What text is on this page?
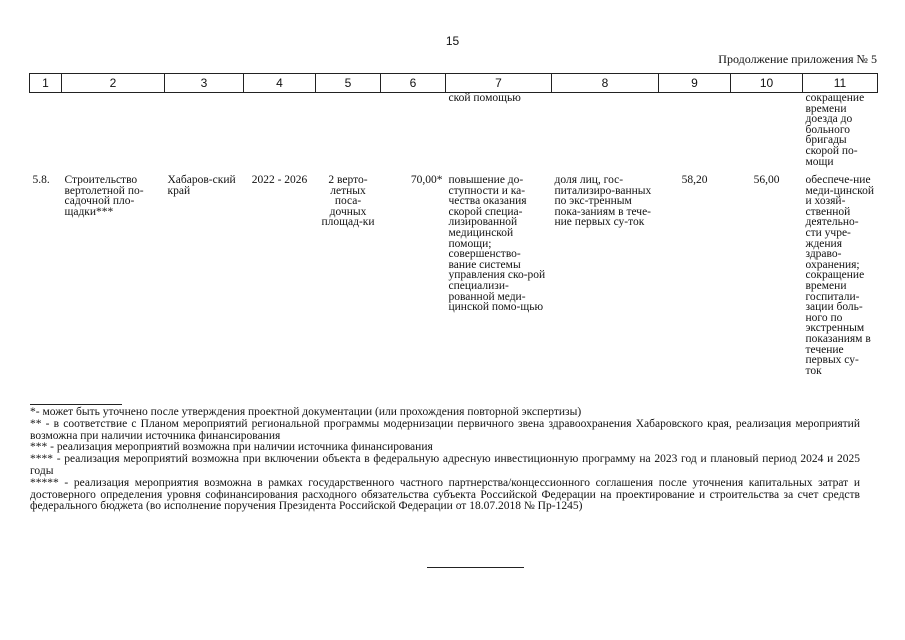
15
Продолжение приложения № 5
1	2	3	4	5	6	7	8	9	10	11
						ской помощью				сокращение времени доезда до больного бригады скорой по-мощи
5.8.	Строительство вертолетной по-садочной пло-щадки***	Хабаров-ский край	2022 - 2026	2 верто-летных поса-дочных площад-ки	70,00*	повышение до-ступности и ка-чества оказания скорой специа-лизированной медицинской помощи; совершенство-вание системы управления ско-рой специализи-рованной меди-цинской помо-щью	доля лиц, гос-питализиро-ванных по экс-тренным пока-заниям в тече-ние первых су-ток	58,20	56,00	обеспече-ние меди-цинской и хозяй-ственной деятельно-сти учре-ждения здраво-охранения; сокращение времени госпитали-зации боль-ного по экстренным показаниям в течение первых су-ток

*- может быть уточнено после утверждения проектной документации (или прохождения повторной экспертизы)

** - в соответствие с Планом мероприятий региональной программы модернизации первичного звена здравоохранения Хабаровского края, реализация мероприятий возможна при наличии источника финансирования

*** - реализация мероприятий возможна при наличии источника финансирования

**** - реализация мероприятий возможна при включении объекта в федеральную адресную инвестиционную программу на 2023 год и плановый период 2024 и 2025 годы

***** - реализация мероприятия возможна в рамках государственного частного партнерства/концессионного соглашения после уточнения капитальных затрат и достоверного определения уровня софинансирования расходного обязательства субъекта Российской Федерации на проектирование и строительства за счет средств федерального бюджета (во исполнение поручения Президента Российской Федерации от 18.07.2018 № Пр-1245)
